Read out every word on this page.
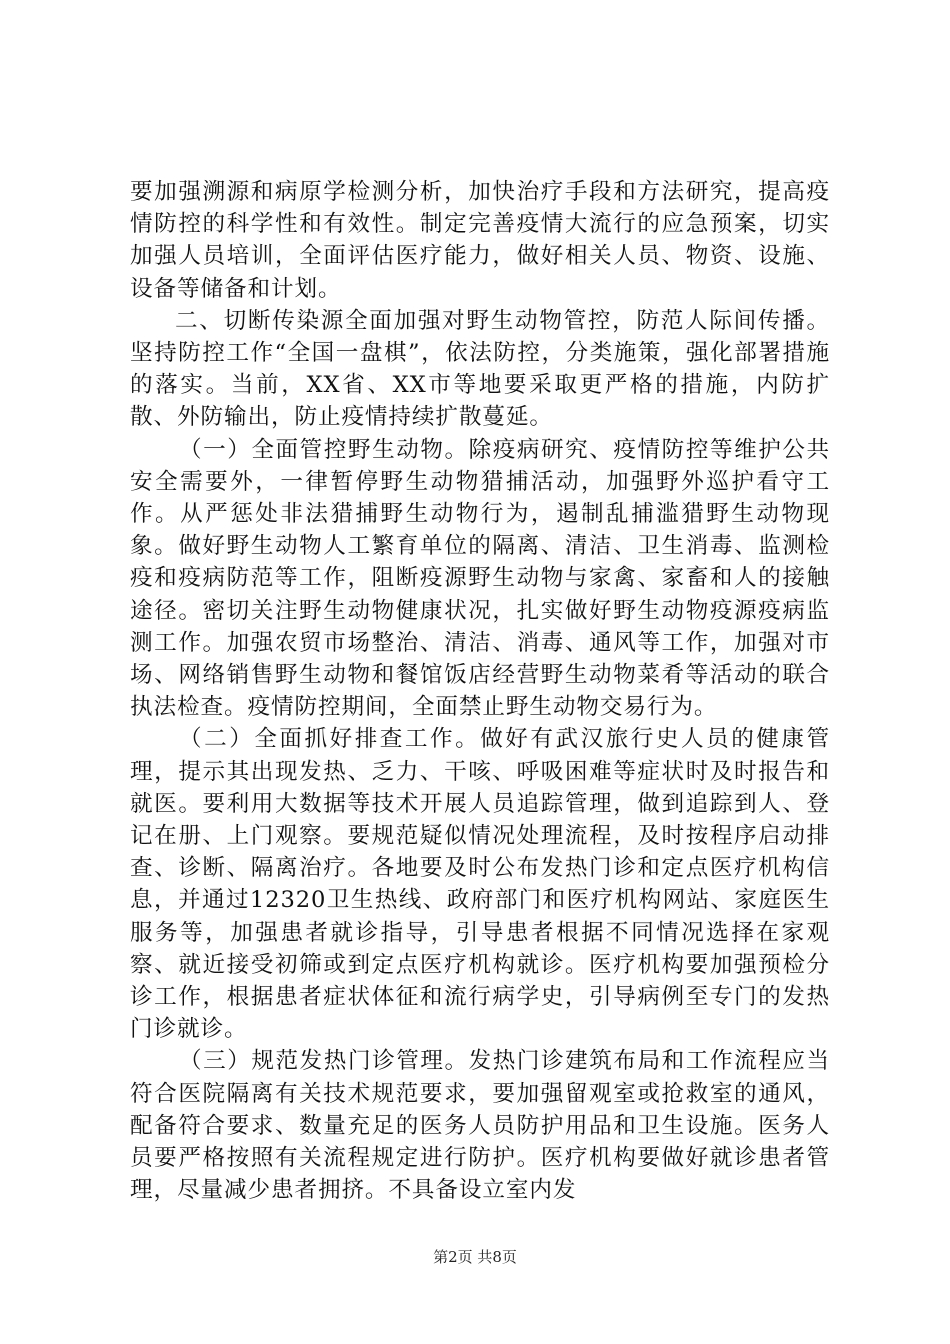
要加强溯源和病原学检测分析，加快治疗手段和方法研究，提高疫情防控的科学性和有效性。制定完善疫情大流行的应急预案，切实加强人员培训，全面评估医疗能力，做好相关人员、物资、设施、设备等储备和计划。

二、切断传染源全面加强对野生动物管控，防范人际间传播。坚持防控工作“全国一盘棋”，依法防控，分类施策，强化部署措施的落实。当前，XX省、XX市等地要采取更严格的措施，内防扩散、外防输出，防止疫情持续扩散蔓延。

（一）全面管控野生动物。除疫病研究、疫情防控等维护公共安全需要外，一律暂停野生动物猎捕活动，加强野外巡护看守工作。从严惩处非法猎捕野生动物行为，遏制乱捕滥猎野生动物现象。做好野生动物人工繁育单位的隔离、清洁、卫生消毒、监测检疫和疫病防范等工作，阻断疫源野生动物与家禽、家畜和人的接触途径。密切关注野生动物健康状况，扎实做好野生动物疫源疫病监测工作。加强农贸市场整治、清洁、消毒、通风等工作，加强对市场、网络销售野生动物和餐馆饭店经营野生动物菜肴等活动的联合执法检查。疫情防控期间，全面禁止野生动物交易行为。

（二）全面抓好排查工作。做好有武汉旅行史人员的健康管理，提示其出现发热、乏力、干咳、呼吸困难等症状时及时报告和就医。要利用大数据等技术开展人员追踪管理，做到追踪到人、登记在册、上门观察。要规范疑似情况处理流程，及时按程序启动排查、诊断、隔离治疗。各地要及时公布发热门诊和定点医疗机构信息，并通过12320卫生热线、政府部门和医疗机构网站、家庭医生服务等，加强患者就诊指导，引导患者根据不同情况选择在家观察、就近接受初筛或到定点医疗机构就诊。医疗机构要加强预检分诊工作，根据患者症状体征和流行病学史，引导病例至专门的发热门诊就诊。

（三）规范发热门诊管理。发热门诊建筑布局和工作流程应当符合医院隔离有关技术规范要求，要加强留观室或抢救室的通风，配备符合要求、数量充足的医务人员防护用品和卫生设施。医务人员要严格按照有关流程规定进行防护。医疗机构要做好就诊患者管理，尽量减少患者拥挤。不具备设立室内发

第2页 共8页
